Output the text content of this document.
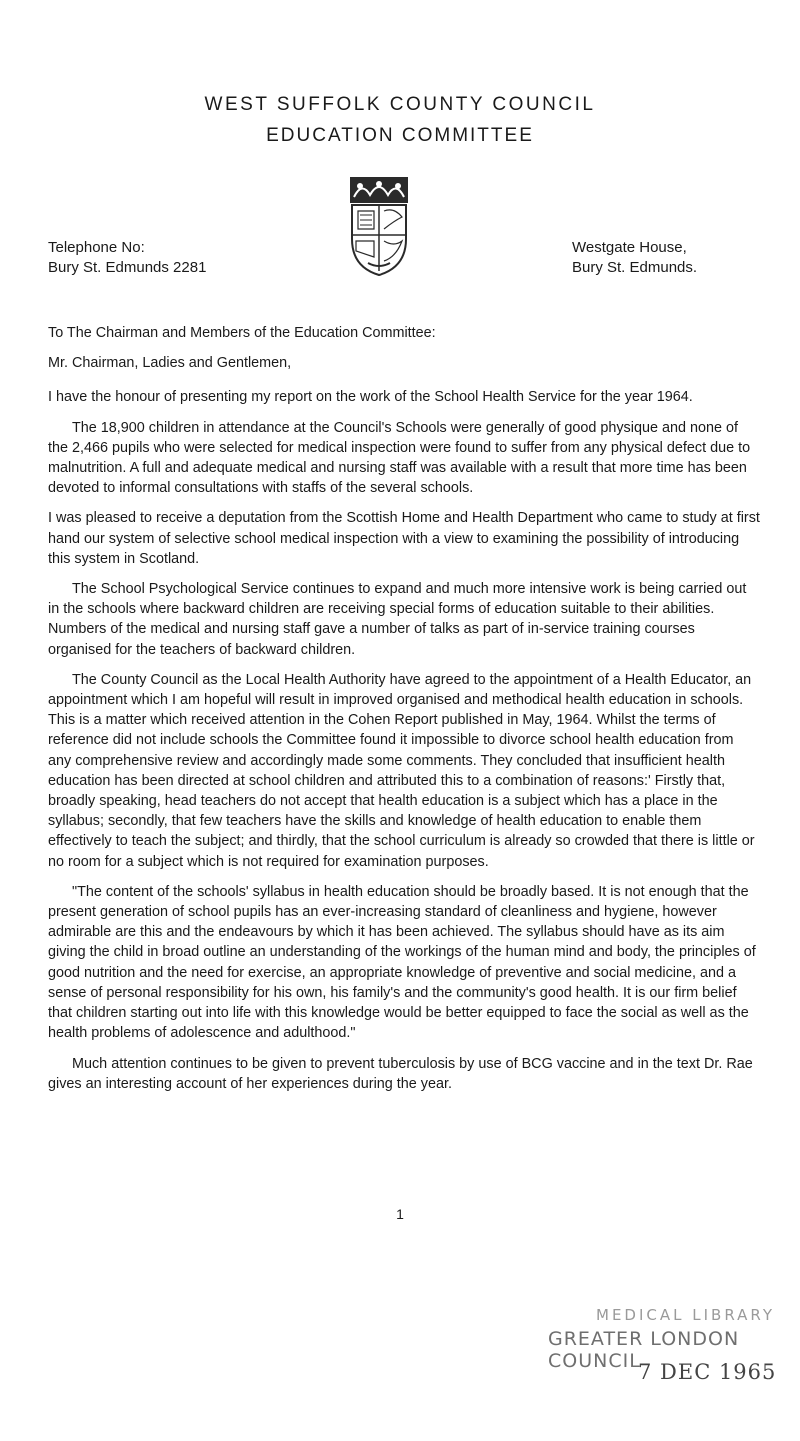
WEST SUFFOLK COUNTY COUNCIL
EDUCATION COMMITTEE
Telephone No:
Bury St. Edmunds 2281
Westgate House,
Bury St. Edmunds.

To The Chairman and Members of the Education Committee:

Mr. Chairman, Ladies and Gentlemen,

I have the honour of presenting my report on the work of the School Health Service for the year 1964.

The 18,900 children in attendance at the Council's Schools were generally of good physique and none of the 2,466 pupils who were selected for medical inspection were found to suffer from any physical defect due to malnutrition. A full and adequate medical and nursing staff was available with a result that more time has been devoted to informal consultations with staffs of the several schools.

I was pleased to receive a deputation from the Scottish Home and Health Department who came to study at first hand our system of selective school medical inspection with a view to examining the possibility of introducing this system in Scotland.

The School Psychological Service continues to expand and much more intensive work is being carried out in the schools where backward children are receiving special forms of education suitable to their abilities. Numbers of the medical and nursing staff gave a number of talks as part of in-service training courses organised for the teachers of backward children.

The County Council as the Local Health Authority have agreed to the appointment of a Health Educator, an appointment which I am hopeful will result in improved organised and methodical health education in schools. This is a matter which received attention in the Cohen Report published in May, 1964. Whilst the terms of reference did not include schools the Committee found it impossible to divorce school health education from any comprehensive review and accordingly made some comments. They concluded that insufficient health education has been directed at school children and attributed this to a combination of reasons:' Firstly that, broadly speaking, head teachers do not accept that health education is a subject which has a place in the syllabus; secondly, that few teachers have the skills and knowledge of health education to enable them effectively to teach the subject; and thirdly, that the school curriculum is already so crowded that there is little or no room for a subject which is not required for examination purposes.

"The content of the schools' syllabus in health education should be broadly based. It is not enough that the present generation of school pupils has an ever-increasing standard of cleanliness and hygiene, however admirable are this and the endeavours by which it has been achieved. The syllabus should have as its aim giving the child in broad outline an understanding of the workings of the human mind and body, the principles of good nutrition and the need for exercise, an appropriate knowledge of preventive and social medicine, and a sense of personal responsibility for his own, his family's and the community's good health. It is our firm belief that children starting out into life with this knowledge would be better equipped to face the social as well as the health problems of adolescence and adulthood."

Much attention continues to be given to prevent tuberculosis by use of BCG vaccine and in the text Dr. Rae gives an interesting account of her experiences during the year.

1
MEDICAL LIBRARY
GREATER LONDON COUNCIL
7 DEC 1965
